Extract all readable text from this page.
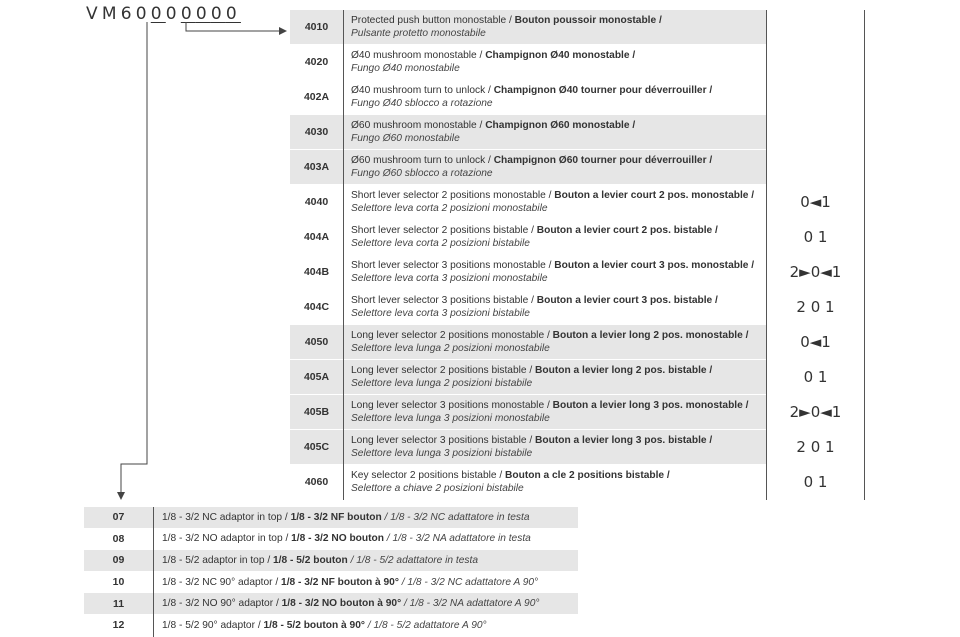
VM60000000
4010	Protected push button monostable / Bouton poussoir monostable /
Pulsante protetto monostabile	

4020	Ø40 mushroom monostable / Champignon Ø40 monostable /
Fungo Ø40 monostabile	

402A	Ø40 mushroom turn to unlock / Champignon Ø40 tourner pour déverrouiller /
Fungo Ø40 sblocco a rotazione	

4030	Ø60 mushroom monostable / Champignon Ø60 monostable /
Fungo Ø60 monostabile	

403A	Ø60 mushroom turn to unlock / Champignon Ø60 tourner pour déverrouiller /
Fungo Ø60 sblocco a rotazione	

4040	Short lever selector 2 positions monostable / Bouton a levier court 2 pos. monostable /
Selettore leva corta 2 posizioni monostabile	0◄1
404A	Short lever selector 2 positions bistable / Bouton a levier court 2 pos. bistable /
Selettore leva corta 2 posizioni bistabile	0 1
404B	Short lever selector 3 positions monostable / Bouton a levier court 3 pos. monostable /
Selettore leva corta 3 posizioni monostabile	2►0◄1
404C	Short lever selector 3 positions bistable / Bouton a levier court 3 pos. bistable /
Selettore leva corta 3 posizioni bistabile	2 0 1
4050	Long lever selector 2 positions monostable / Bouton a levier long 2 pos. monostable /
Selettore leva lunga 2 posizioni monostabile	0◄1
405A	Long lever selector 2 positions bistable / Bouton a levier long 2 pos. bistable /
Selettore leva lunga 2 posizioni bistabile	0 1
405B	Long lever selector 3 positions monostable / Bouton a levier long 3 pos. monostable /
Selettore leva lunga 3 posizioni monostabile	2►0◄1
405C	Long lever selector 3 positions bistable / Bouton a levier long 3 pos. bistable /
Selettore leva lunga 3 posizioni bistabile	2 0 1
4060	Key selector 2 positions bistable / Bouton a cle 2 positions bistable /
Selettore a chiave 2 posizioni bistabile	0 1
07	1/8 - 3/2 NC adaptor in top / 1/8 - 3/2 NF bouton / 1/8 - 3/2 NC adattatore in testa
08	1/8 - 3/2 NO adaptor in top / 1/8 - 3/2 NO bouton / 1/8 - 3/2 NA adattatore in testa
09	1/8 - 5/2 adaptor in top / 1/8 - 5/2 bouton / 1/8 - 5/2 adattatore in testa
10	1/8 - 3/2 NC 90° adaptor / 1/8 - 3/2 NF bouton à 90° / 1/8 - 3/2 NC adattatore A 90°
11	1/8 - 3/2 NO 90° adaptor / 1/8 - 3/2 NO bouton à 90° / 1/8 - 3/2 NA adattatore A 90°
12	1/8 - 5/2 90° adaptor / 1/8 - 5/2 bouton à 90° / 1/8 - 5/2 adattatore A 90°
